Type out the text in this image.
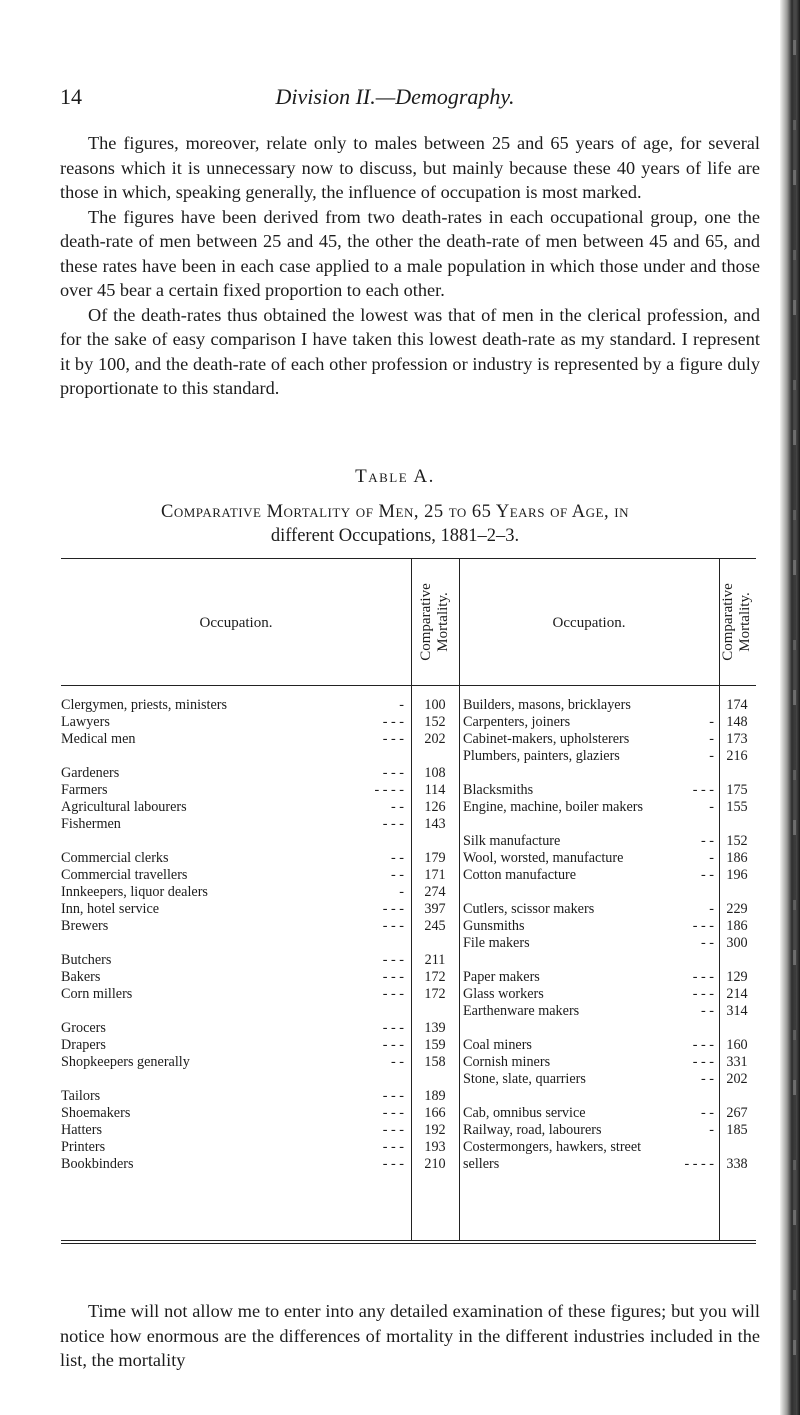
14	Division II.—Demography.

The figures, moreover, relate only to males between 25 and 65 years of age, for several reasons which it is unnecessary now to discuss, but mainly because these 40 years of life are those in which, speaking generally, the influence of occupation is most marked.

The figures have been derived from two death-rates in each occupational group, one the death-rate of men between 25 and 45, the other the death-rate of men between 45 and 65, and these rates have been in each case applied to a male population in which those under and those over 45 bear a certain fixed proportion to each other.

Of the death-rates thus obtained the lowest was that of men in the clerical profession, and for the sake of easy comparison I have taken this lowest death-rate as my standard. I represent it by 100, and the death-rate of each other profession or industry is represented by a figure duly proportionate to this standard.

Table A.
Comparative Mortality of Men, 25 to 65 Years of Age, in
different Occupations, 1881–2–3.
Occupation.	Occupation.
Comparative Mortality.	Comparative Mortality.
Clergymen, priests, ministers	-	100
Lawyers	- - -	152
Medical men	- - -	202
Gardeners	- - -	108
Farmers	- - - -	114
Agricultural labourers	- -	126
Fishermen	- - -	143
Commercial clerks	- -	179
Commercial travellers	- -	171
Innkeepers, liquor dealers	-	274
Inn, hotel service	- - -	397
Brewers	- - -	245
Butchers	- - -	211
Bakers	- - -	172
Corn millers	- - -	172
Grocers	- - -	139
Drapers	- - -	159
Shopkeepers generally	- -	158
Tailors	- - -	189
Shoemakers	- - -	166
Hatters	- - -	192
Printers	- - -	193
Bookbinders	- - -	210
Builders, masons, bricklayers	174
Carpenters, joiners	- 148
Cabinet-makers, upholsterers	- 173
Plumbers, painters, glaziers	- 216
Blacksmiths	- - - 175
Engine, machine, boiler makers	- 155
Silk manufacture	- - 152
Wool, worsted, manufacture	- 186
Cotton manufacture	- - 196
Cutlers, scissor makers	- 229
Gunsmiths	- - - 186
File makers	- - 300
Paper makers	- - - 129
Glass workers	- - - 214
Earthenware makers	- - 314
Coal miners	- - - 160
Cornish miners	- - - 331
Stone, slate, quarriers	- - 202
Cab, omnibus service	- - 267
Railway, road, labourers	- 185
Costermongers, hawkers, street
sellers	- - - - 338

Time will not allow me to enter into any detailed examination of these figures; but you will notice how enormous are the differences of mortality in the different industries included in the list, the mortality
